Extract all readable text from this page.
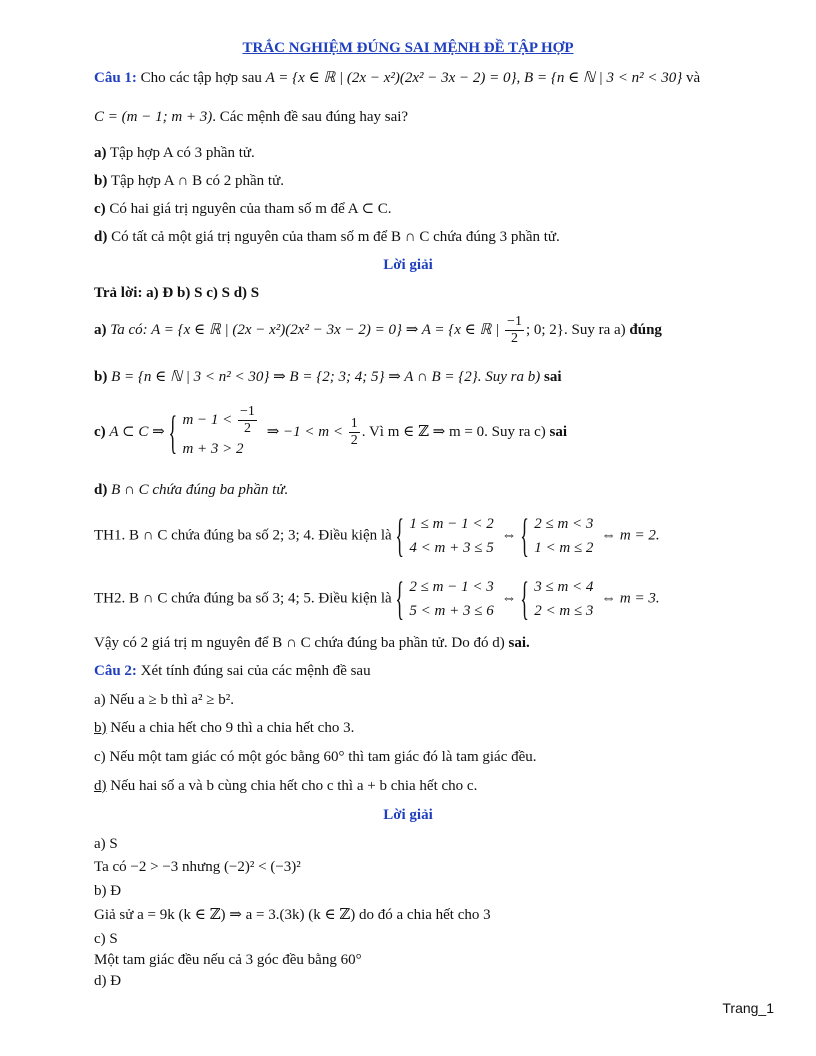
TRẮC NGHIỆM ĐÚNG SAI MỆNH ĐỀ TẬP HỢP
Câu 1: Cho các tập hợp sau A = {x ∈ ℝ | (2x − x²)(2x² − 3x − 2) = 0}, B = {n ∈ ℕ | 3 < n² < 30} và
C = (m − 1; m + 3). Các mệnh đề sau đúng hay sai?
a) Tập hợp A có 3 phần tử.
b) Tập hợp A ∩ B có 2 phần tử.
c) Có hai giá trị nguyên của tham số m để A ⊂ C.
d) Có tất cả một giá trị nguyên của tham số m để B ∩ C chứa đúng 3 phần tử.
Lời giải
Trả lời: a) Đ b) S c) S d) S
a) Ta có: A = {x ∈ ℝ | (2x − x²)(2x² − 3x − 2) = 0} ⇒ A = {x ∈ ℝ | $\frac{-1}{2}$ ; 0; 2}. Suy ra a) đúng
b) B = {n ∈ ℕ | 3 < n² < 30} ⇒ B = {2; 3; 4; 5} ⇒ A ∩ B = {2}. Suy ra b) sai
c) A ⊂ C ⇒
{ $m - 1 < \frac{-1}{2}$
m + 3 > 2
⇒ $-1 < m < \frac{1}{2}$ . Vì m ∈ ℤ ⇒ m = 0. Suy ra c) sai
d) B ∩ C chứa đúng ba phần tử.
TH1. B ∩ C chứa đúng ba số 2; 3; 4. Điều kiện là
{ 1 ≤ m − 1 < 2
4 < m + 3 ≤ 5
⇔
{ 2 ≤ m < 3
1 < m ≤ 2
⇔ m = 2.
TH2. B ∩ C chứa đúng ba số 3; 4; 5. Điều kiện là
{ 2 ≤ m − 1 < 3
5 < m + 3 ≤ 6
⇔
{ 3 ≤ m < 4
2 < m ≤ 3
⇔ m = 3.
Vậy có 2 giá trị m nguyên để B ∩ C chứa đúng ba phần tử. Do đó d) sai.
Câu 2: Xét tính đúng sai của các mệnh đề sau
a) Nếu a ≥ b thì a² ≥ b².
b) Nếu a chia hết cho 9 thì a chia hết cho 3.
c) Nếu một tam giác có một góc bằng 60° thì tam giác đó là tam giác đều.
d) Nếu hai số a và b cùng chia hết cho c thì a + b chia hết cho c.
Lời giải
a) S
Ta có −2 > −3 nhưng (−2)² < (−3)²
b) Đ
Giả sử a = 9k (k ∈ ℤ) ⇒ a = 3.(3k) (k ∈ ℤ) do đó a chia hết cho 3
c) S
Một tam giác đều nếu cả 3 góc đều bằng 60°
d) Đ
Trang_1
